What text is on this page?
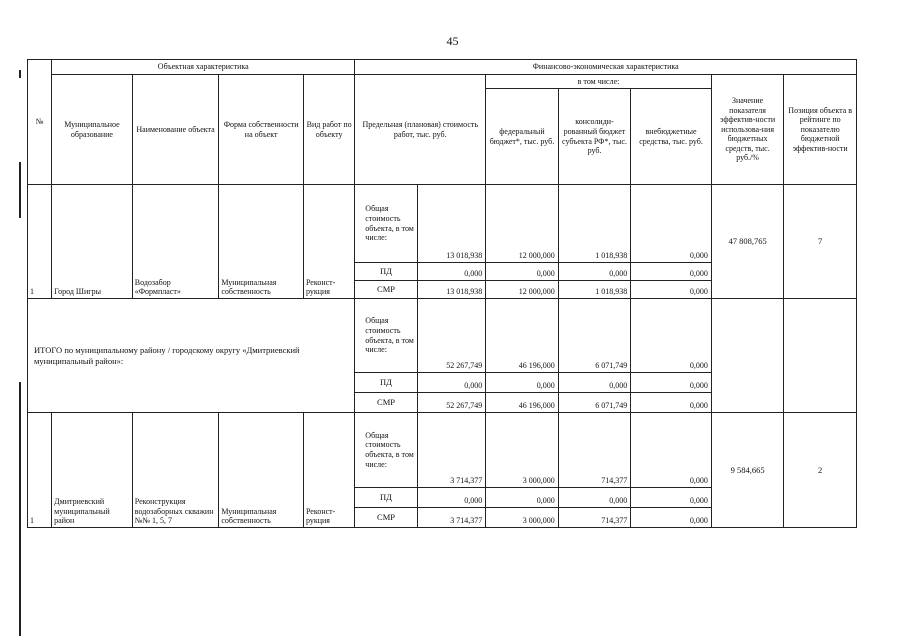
45
№	Объектная характеристика				Финансово-экономическая характеристика						
	Муниципальное образование	Наименование объекта	Форма собственности на объект	Вид работ по объекту	Предельная (плановая) стоимость работ, тыс. руб.		в том числе:			Значение показателя эффектив-ности использова-ния бюджетных средств, тыс. руб./%	Позиция объекта в рейтинге по показателю бюджетной эффектив-ности
							федеральный бюджет*, тыс. руб.	консолиди-рованный бюджет субъекта РФ*, тыс. руб.	внебюджетные средства, тыс. руб.		
1	Город Шигры	Водозабор «Формпласт»	Муниципальная собственность	Реконст-рукция	Общая стоимость объекта, в том числе:	13 018,938	12 000,000	1 018,938	0,000	47 808,765	7
					ПД	0,000	0,000	0,000	0,000		
					СМР	13 018,938	12 000,000	1 018,938	0,000		
ИТОГО по муниципальному району / городскому округу «Дмитриевский муниципальный район»:					Общая стоимость объекта, в том числе:	52 267,749	46 196,000	6 071,749	0,000		
					ПД	0,000	0,000	0,000	0,000		
					СМР	52 267,749	46 196,000	6 071,749	0,000		
1	Дмитриевский муниципальный район	Реконструкция водозаборных скважин №№ 1, 5, 7	Муниципальная собственность	Реконст-рукция	Общая стоимость объекта, в том числе:	3 714,377	3 000,000	714,377	0,000	9 584,665	2
					ПД	0,000	0,000	0,000	0,000		
					СМР	3 714,377	3 000,000	714,377	0,000		
